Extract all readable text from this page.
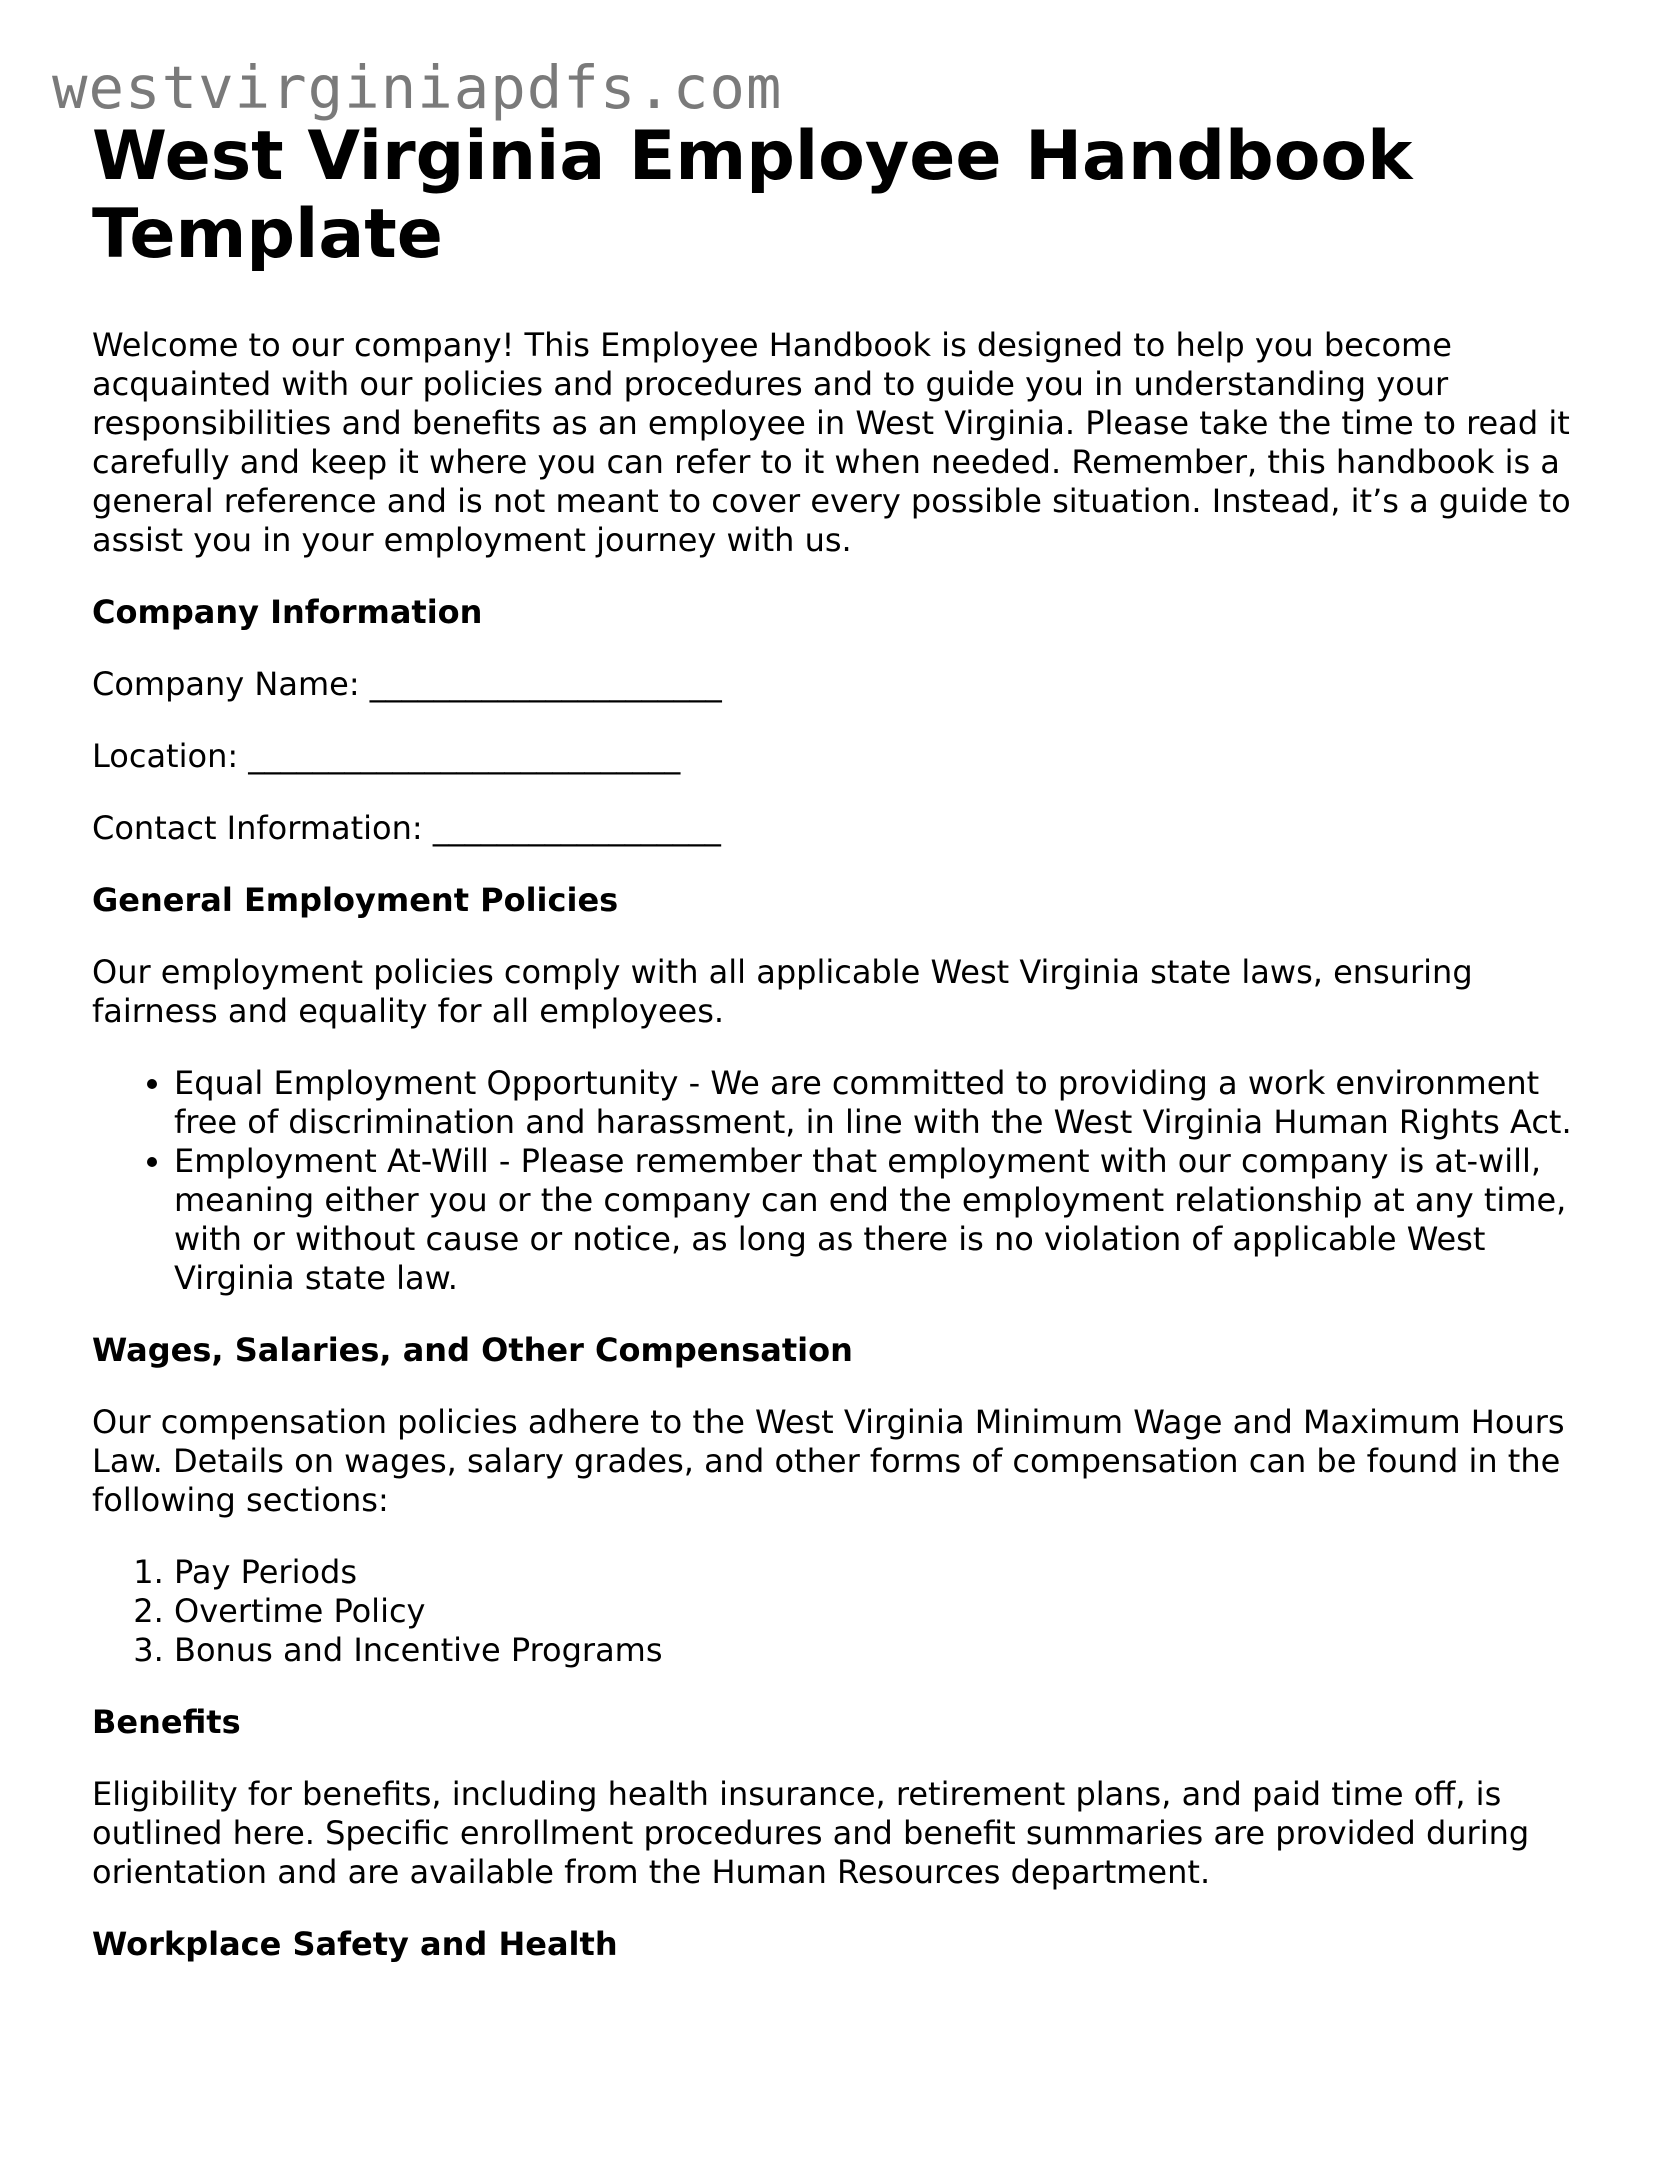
westvirginiapdfs.com
West Virginia Employee Handbook Template

Welcome to our company! This Employee Handbook is designed to help you become acquainted with our policies and procedures and to guide you in understanding your responsibilities and benefits as an employee in West Virginia. Please take the time to read it carefully and keep it where you can refer to it when needed. Remember, this handbook is a general reference and is not meant to cover every possible situation. Instead, it’s a guide to assist you in your employment journey with us.

Company Information
Company Name: ______________________
Location: ___________________________
Contact Information: __________________
General Employment Policies

Our employment policies comply with all applicable West Virginia state laws, ensuring fairness and equality for all employees.

• Equal Employment Opportunity - We are committed to providing a work environment free of discrimination and harassment, in line with the West Virginia Human Rights Act.
• Employment At-Will - Please remember that employment with our company is at-will, meaning either you or the company can end the employment relationship at any time, with or without cause or notice, as long as there is no violation of applicable West Virginia state law.
Wages, Salaries, and Other Compensation

Our compensation policies adhere to the West Virginia Minimum Wage and Maximum Hours Law. Details on wages, salary grades, and other forms of compensation can be found in the following sections:

1. Pay Periods
2. Overtime Policy
3. Bonus and Incentive Programs
Benefits

Eligibility for benefits, including health insurance, retirement plans, and paid time off, is outlined here. Specific enrollment procedures and benefit summaries are provided during orientation and are available from the Human Resources department.

Workplace Safety and Health
